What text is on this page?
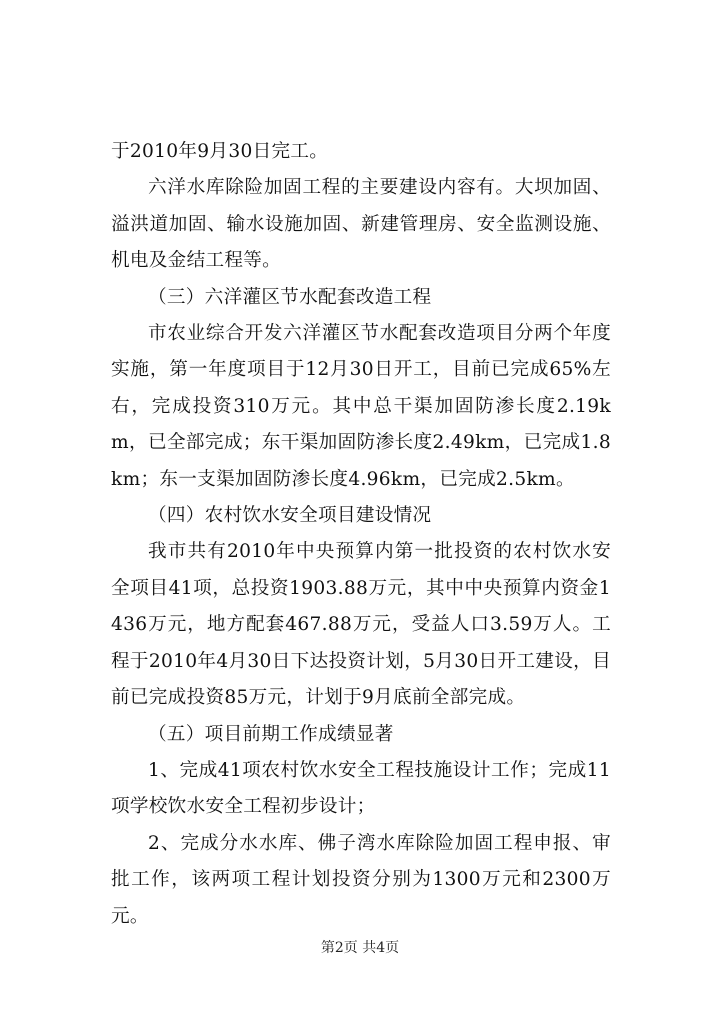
于2010年9月30日完工。

六洋水库除险加固工程的主要建设内容有。大坝加固、溢洪道加固、输水设施加固、新建管理房、安全监测设施、机电及金结工程等。

（三）六洋灌区节水配套改造工程

市农业综合开发六洋灌区节水配套改造项目分两个年度实施，第一年度项目于12月30日开工，目前已完成65%左右，完成投资310万元。其中总干渠加固防渗长度2.19km，已全部完成；东干渠加固防渗长度2.49km，已完成1.8km；东一支渠加固防渗长度4.96km，已完成2.5km。

（四）农村饮水安全项目建设情况

我市共有2010年中央预算内第一批投资的农村饮水安全项目41项，总投资1903.88万元，其中中央预算内资金1436万元，地方配套467.88万元，受益人口3.59万人。工程于2010年4月30日下达投资计划，5月30日开工建设，目前已完成投资85万元，计划于9月底前全部完成。

（五）项目前期工作成绩显著

1、完成41项农村饮水安全工程技施设计工作；完成11项学校饮水安全工程初步设计；

2、完成分水水库、佛子湾水库除险加固工程申报、审批工作，该两项工程计划投资分别为1300万元和2300万元。

第2页 共4页
